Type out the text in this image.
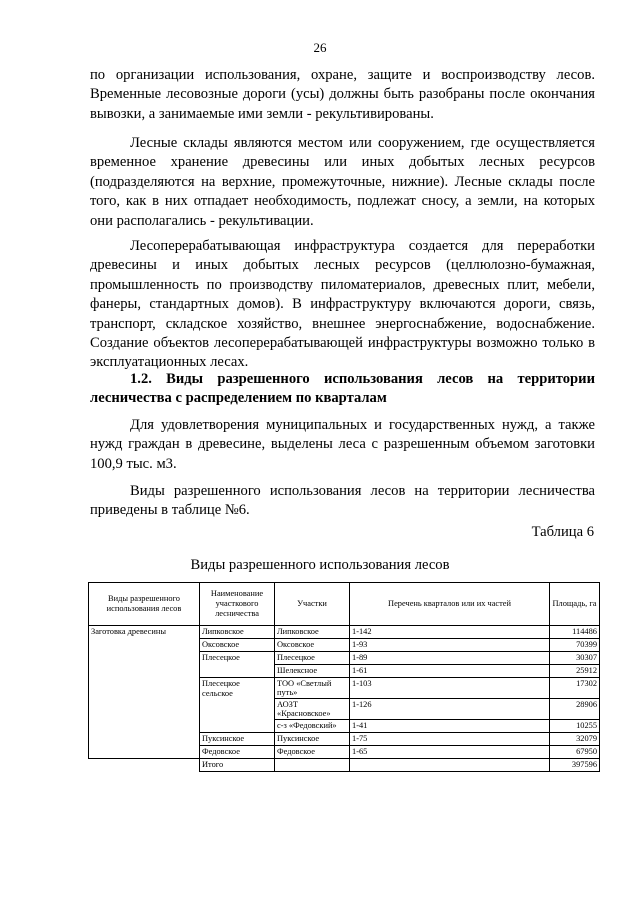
26

по организации использования, охране, защите и воспроизводству лесов. Временные лесовозные дороги (усы) должны быть разобраны после окончания вывозки, а занимаемые ими земли - рекультивированы.

Лесные склады являются местом или сооружением, где осуществляется временное хранение древесины или иных добытых лесных ресурсов (подразделяются на верхние, промежуточные, нижние). Лесные склады после того, как в них отпадает необходимость, подлежат сносу, а земли, на которых они располагались - рекультивации.

Лесоперерабатывающая инфраструктура создается для переработки древесины и иных добытых лесных ресурсов (целлюлозно-бумажная, промышленность по производству пиломатериалов, древесных плит, мебели, фанеры, стандартных домов). В инфраструктуру включаются дороги, связь, транспорт, складское хозяйство, внешнее энергоснабжение, водоснабжение. Создание объектов лесоперерабатывающей инфраструктуры возможно только в эксплуатационных лесах.

1.2. Виды разрешенного использования лесов на территории лесничества с распределением по кварталам

Для удовлетворения муниципальных и государственных нужд, а также нужд граждан в древесине, выделены леса с разрешенным объемом заготовки 100,9 тыс. м3.

Виды разрешенного использования лесов на территории лесничества приведены в таблице №6.

Таблица 6
Виды разрешенного использования лесов
Виды разрешенного использования лесов	Наименование участкового лесничества	Участки	Перечень кварталов или их частей	Площадь, га
Заготовка древесины	Липковское	Липковское	1-142	114486
	Оксовское	Оксовское	1-93	70399
	Плесецкое	Плесецкое	1-89	30307
		Шелексное	1-61	25912
	Плесецкое сельское	ТОО «Светлый путь»	1-103	17302
		АОЗТ «Красновское»	1-126	28906
		с-з «Федовский»	1-41	10255
	Пуксинское	Пуксинское	1-75	32079
	Федовское	Федовское	1-65	67950
	Итого			397596
